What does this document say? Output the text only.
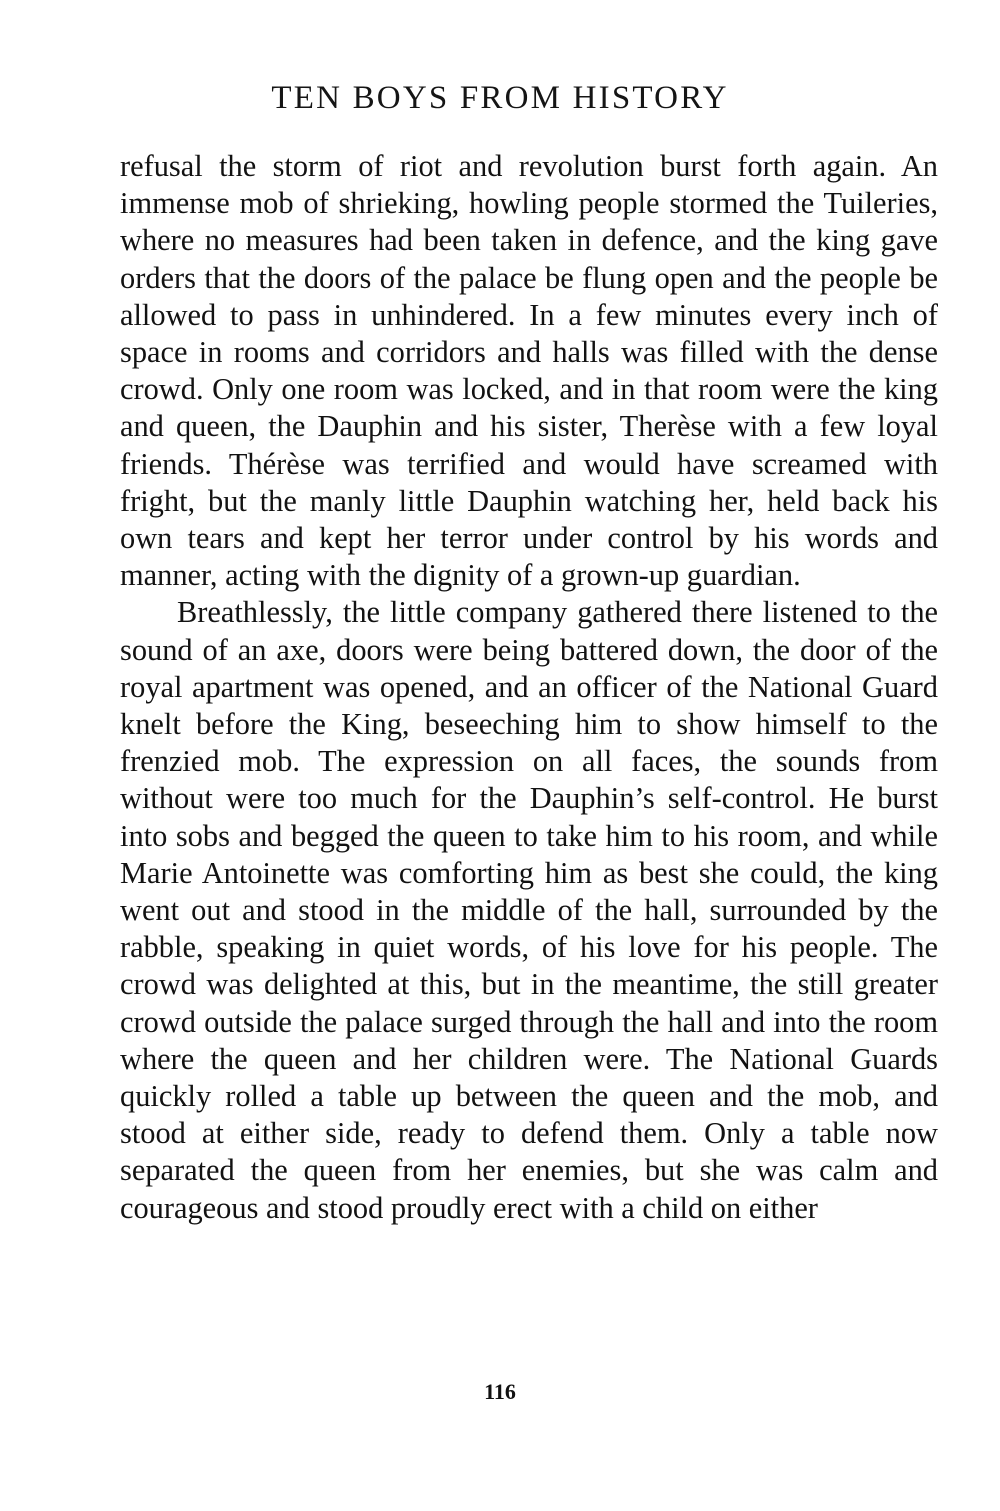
TEN BOYS FROM HISTORY

refusal the storm of riot and revolution burst forth again. An immense mob of shrieking, howling people stormed the Tuileries, where no measures had been taken in defence, and the king gave orders that the doors of the palace be flung open and the people be allowed to pass in unhindered. In a few minutes every inch of space in rooms and corridors and halls was filled with the dense crowd. Only one room was locked, and in that room were the king and queen, the Dauphin and his sister, Therèse with a few loyal friends. Thérèse was terrified and would have screamed with fright, but the manly little Dauphin watching her, held back his own tears and kept her terror under control by his words and manner, acting with the dignity of a grown-up guardian.

Breathlessly, the little company gathered there listened to the sound of an axe, doors were being battered down, the door of the royal apartment was opened, and an officer of the National Guard knelt before the King, beseeching him to show himself to the frenzied mob. The expression on all faces, the sounds from without were too much for the Dauphin’s self-control. He burst into sobs and begged the queen to take him to his room, and while Marie Antoinette was comforting him as best she could, the king went out and stood in the middle of the hall, surrounded by the rabble, speaking in quiet words, of his love for his people. The crowd was delighted at this, but in the meantime, the still greater crowd outside the palace surged through the hall and into the room where the queen and her children were. The National Guards quickly rolled a table up between the queen and the mob, and stood at either side, ready to defend them. Only a table now separated the queen from her enemies, but she was calm and courageous and stood proudly erect with a child on either

116
